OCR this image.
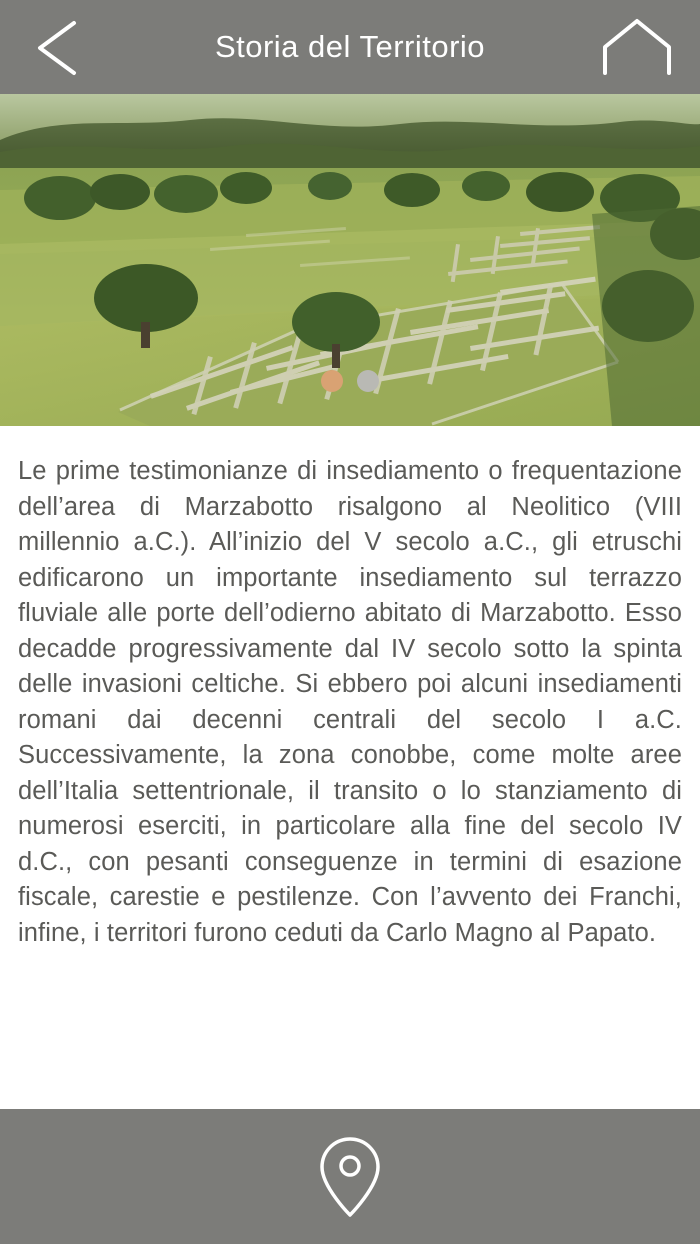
Storia del Territorio

Le prime testimonianze di insediamento o frequentazione dell’area di Marzabotto risalgono al Neolitico (VIII millennio a.C.). All’inizio del V secolo a.C., gli etruschi edificarono un importante insediamento sul terrazzo fluviale alle porte dell’odierno abitato di Marzabotto. Esso decadde progressivamente dal IV secolo sotto la spinta delle invasioni celtiche. Si ebbero poi alcuni insediamenti romani dai decenni centrali del secolo I a.C. Successivamente, la zona conobbe, come molte aree dell’Italia settentrionale, il transito o lo stanziamento di numerosi eserciti, in particolare alla fine del secolo IV d.C., con pesanti conseguenze in termini di esazione fiscale, carestie e pestilenze. Con l’avvento dei Franchi, infine, i territori furono ceduti da Carlo Magno al Papato.
